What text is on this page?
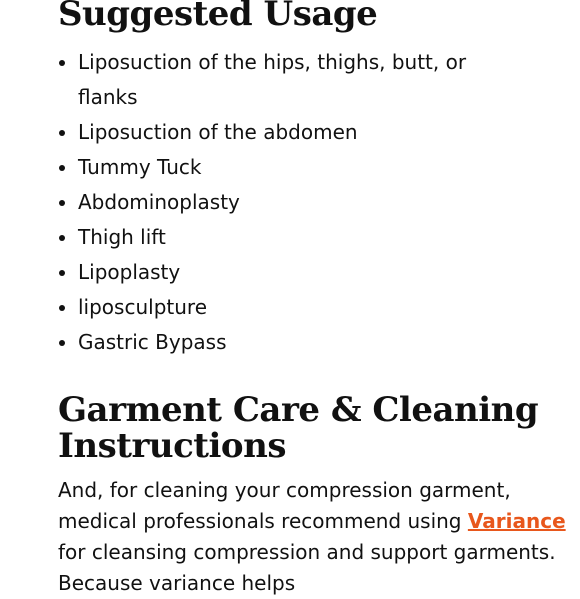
Suggested Usage
Liposuction of the hips, thighs, butt, or flanks
Liposuction of the abdomen
Tummy Tuck
Abdominoplasty
Thigh lift
Lipoplasty
liposculpture
Gastric Bypass
Garment Care & Cleaning Instructions

And, for cleaning your compression garment, medical professionals recommend using Variance for cleansing compression and support garments. Because variance helps
